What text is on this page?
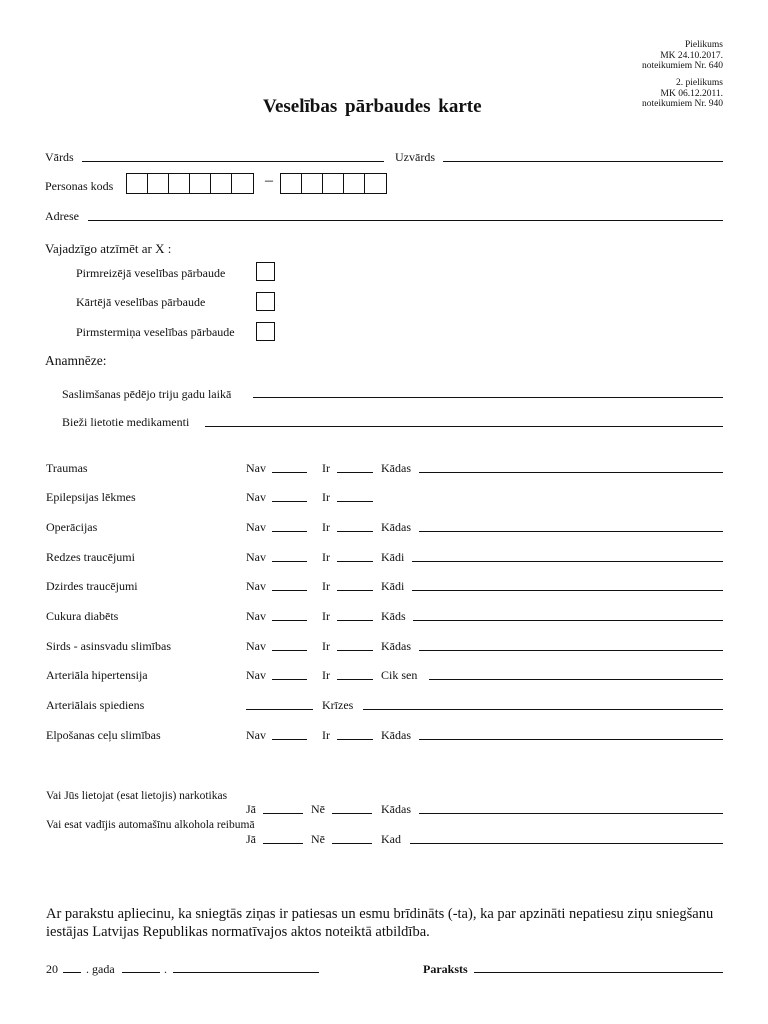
Pielikums
MK 24.10.2017.
noteikumiem Nr. 640
2. pielikums
MK 06.12.2011.
noteikumiem Nr. 940
Veselības pārbaudes karte
Vārds	Uzvārds
Personas kods	–
Adrese
Vajadzīgo atzīmēt ar X :
Pirmreizējā veselības pārbaude
Kārtējā veselības pārbaude
Pirmstermiņa veselības pārbaude
Anamnēze:
Saslimšanas pēdējo triju gadu laikā
Bieži lietotie medikamenti
Traumas	Nav	Ir	Kādas
Epilepsijas lēkmes	Nav	Ir
Operācijas	Nav	Ir	Kādas
Redzes traucējumi	Nav	Ir	Kādi
Dzirdes traucējumi	Nav	Ir	Kādi
Cukura diabēts	Nav	Ir	Kāds
Sirds - asinsvadu slimības	Nav	Ir	Kādas
Arteriāla hipertensija	Nav	Ir	Cik sen
Arteriālais spiediens	Krīzes
Elpošanas ceļu slimības	Nav	Ir	Kādas
Vai Jūs lietojat (esat lietojis) narkotikas
Jā	Nē	Kādas
Vai esat vadījis automašīnu alkohola reibumā
Jā	Nē	Kad
Ar parakstu apliecinu, ka sniegtās ziņas ir patiesas un esmu brīdināts (-ta), ka par apzināti nepatiesu ziņu sniegšanu iestājas Latvijas Republikas normatīvajos aktos noteiktā atbildība.
20 . gada	.	Paraksts
